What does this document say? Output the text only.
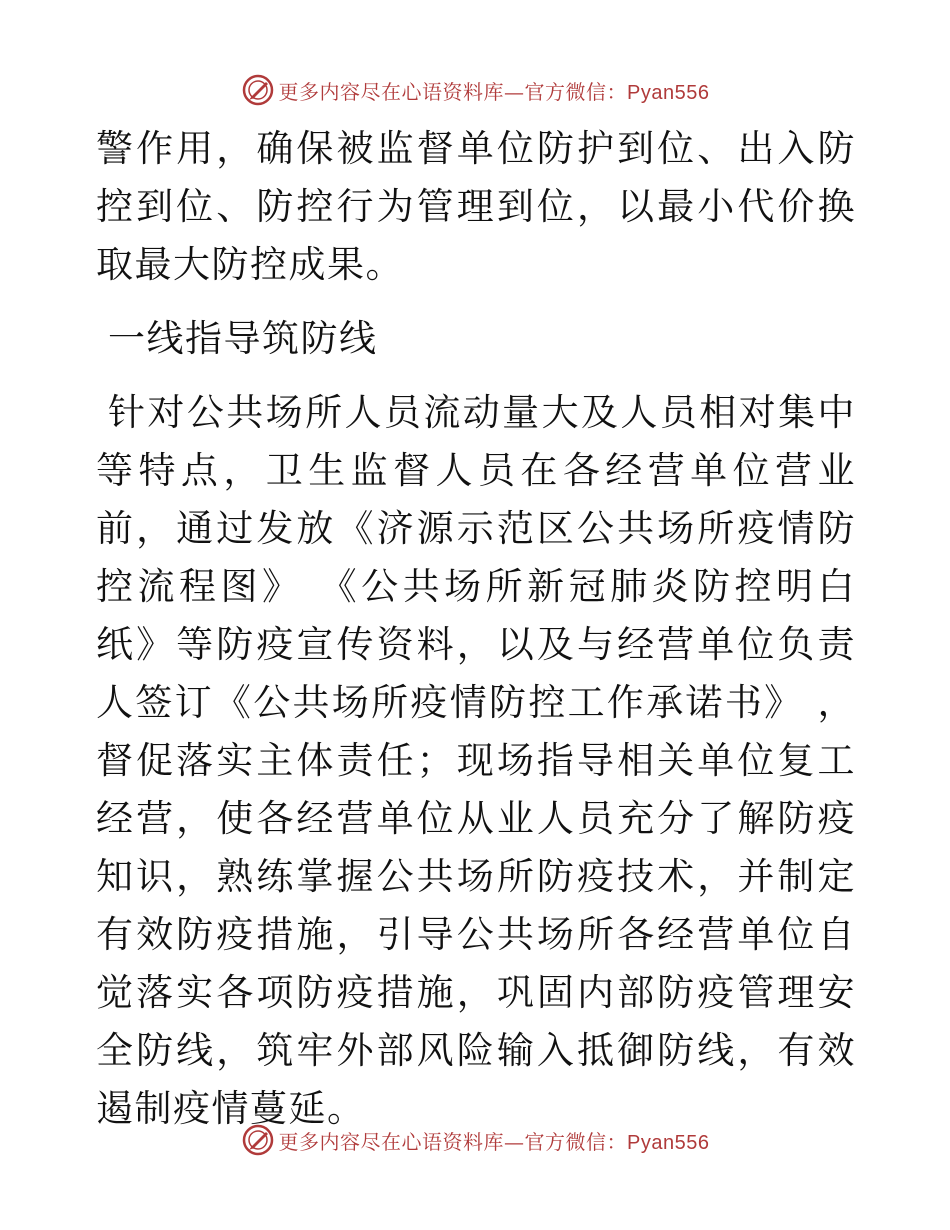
更多内容尽在心语资料库—官方微信：Pyan556

警作用，确保被监督单位防护到位、出入防控到位、防控行为管理到位，以最小代价换取最大防控成果。

一线指导筑防线

针对公共场所人员流动量大及人员相对集中等特点，卫生监督人员在各经营单位营业前，通过发放《济源示范区公共场所疫情防控流程图》 《公共场所新冠肺炎防控明白纸》等防疫宣传资料，以及与经营单位负责人签订《公共场所疫情防控工作承诺书》 ，督促落实主体责任；现场指导相关单位复工经营，使各经营单位从业人员充分了解防疫知识，熟练掌握公共场所防疫技术，并制定有效防疫措施，引导公共场所各经营单位自觉落实各项防疫措施，巩固内部防疫管理安全防线，筑牢外部风险输入抵御防线，有效遏制疫情蔓延。

更多内容尽在心语资料库—官方微信：Pyan556
